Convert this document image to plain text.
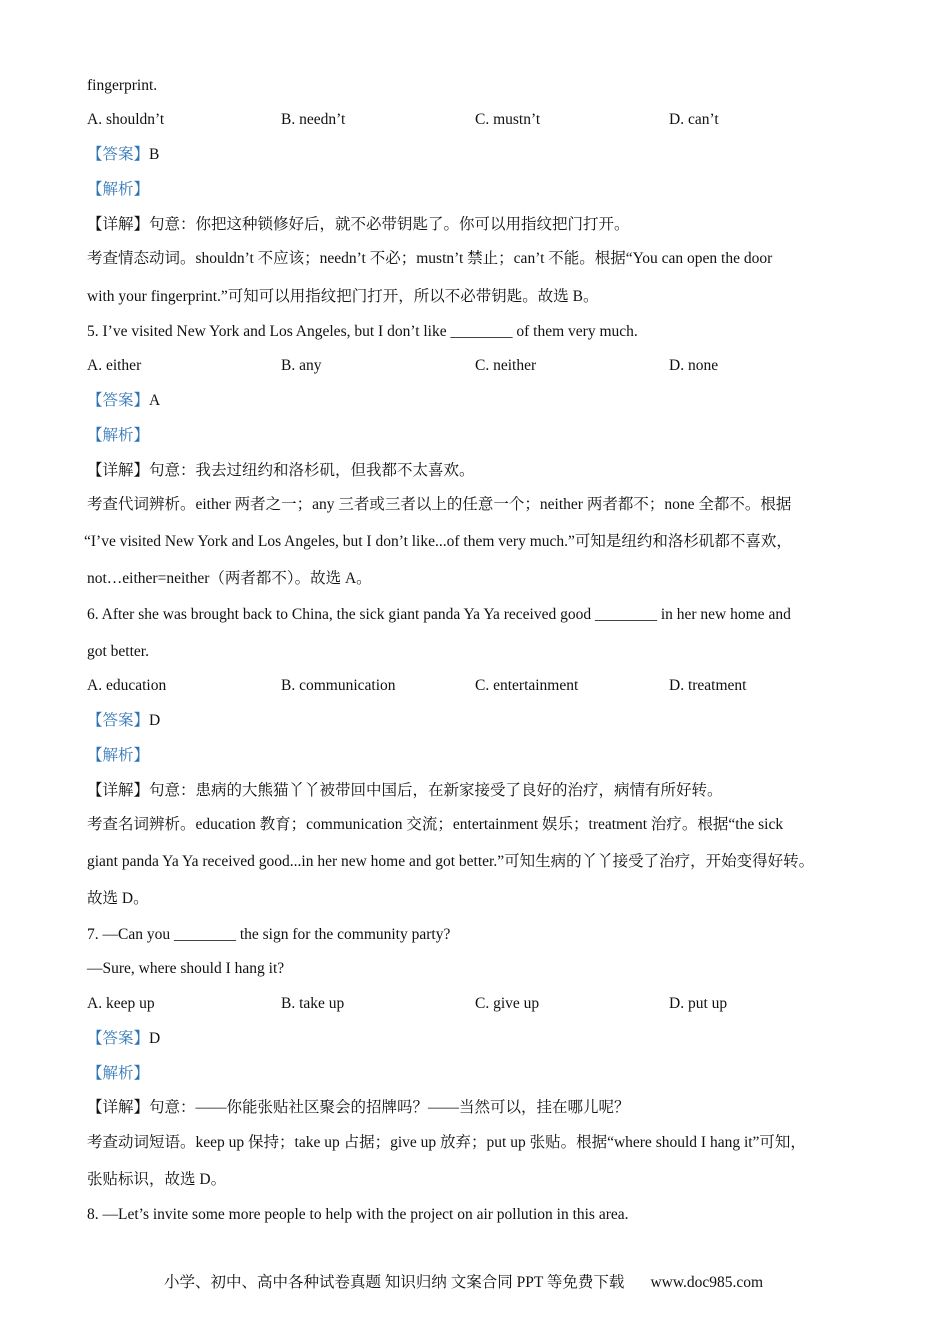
fingerprint.
A. shouldn’t	B. needn’t	C. mustn’t	D. can’t
【答案】B
【解析】
【详解】句意：你把这种锁修好后，就不必带钥匙了。你可以用指纹把门打开。
考查情态动词。shouldn’t 不应该；needn’t 不必；mustn’t 禁止；can’t 不能。根据“You can open the door
with your fingerprint.”可知可以用指纹把门打开，所以不必带钥匙。故选 B。
5. I’ve visited New York and Los Angeles, but I don’t like ________ of them very much.
A. either	B. any	C. neither	D. none
【答案】A
【解析】
【详解】句意：我去过纽约和洛杉矶，但我都不太喜欢。
考查代词辨析。either 两者之一；any 三者或三者以上的任意一个；neither 两者都不；none 全都不。根据
“I’ve visited New York and Los Angeles, but I don’t like...of them very much.”可知是纽约和洛杉矶都不喜欢，
not…either=neither（两者都不）。故选 A。
6. After she was brought back to China, the sick giant panda Ya Ya received good ________ in her new home and
got better.
A. education	B. communication	C. entertainment	D. treatment
【答案】D
【解析】
【详解】句意：患病的大熊猫丫丫被带回中国后，在新家接受了良好的治疗，病情有所好转。
考查名词辨析。education 教育；communication 交流；entertainment 娱乐；treatment 治疗。根据“the sick
giant panda Ya Ya received good...in her new home and got better.”可知生病的丫丫接受了治疗，开始变得好转。
故选 D。
7. —Can you ________ the sign for the community party?
—Sure, where should I hang it?
A. keep up	B. take up	C. give up	D. put up
【答案】D
【解析】
【详解】句意：——你能张贴社区聚会的招牌吗？——当然可以，挂在哪儿呢？
考查动词短语。keep up 保持；take up 占据；give up 放弃；put up 张贴。根据“where should I hang it”可知，
张贴标识，故选 D。
8. —Let’s invite some more people to help with the project on air pollution in this area.
小学、初中、高中各种试卷真题 知识归纳 文案合同 PPT 等免费下载 www.doc985.com
